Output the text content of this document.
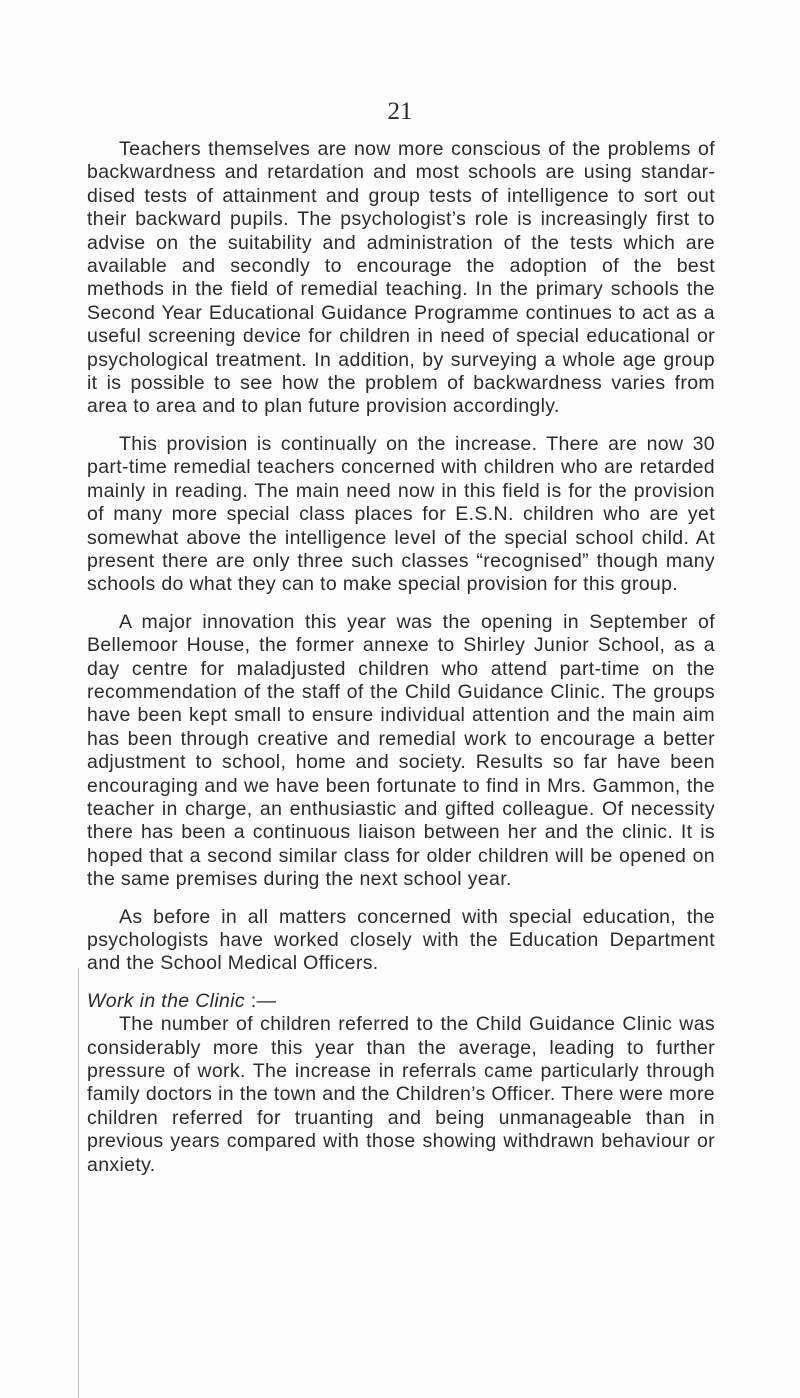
21

Teachers themselves are now more conscious of the problems of backwardness and retardation and most schools are using standardised tests of attainment and group tests of intelligence to sort out their backward pupils. The psychologist’s role is increasingly first to advise on the suitability and administration of the tests which are available and secondly to encourage the adoption of the best methods in the field of remedial teaching. In the primary schools the Second Year Educational Guidance Programme continues to act as a useful screening device for children in need of special educational or psychological treatment. In addition, by surveying a whole age group it is possible to see how the problem of backwardness varies from area to area and to plan future provision accordingly.

This provision is continually on the increase. There are now 30 part-time remedial teachers concerned with children who are retarded mainly in reading. The main need now in this field is for the provision of many more special class places for E.S.N. children who are yet somewhat above the intelligence level of the special school child. At present there are only three such classes “recognised” though many schools do what they can to make special provision for this group.

A major innovation this year was the opening in September of Bellemoor House, the former annexe to Shirley Junior School, as a day centre for maladjusted children who attend part-time on the recommendation of the staff of the Child Guidance Clinic. The groups have been kept small to ensure individual attention and the main aim has been through creative and remedial work to encourage a better adjustment to school, home and society. Results so far have been encouraging and we have been fortunate to find in Mrs. Gammon, the teacher in charge, an enthusiastic and gifted colleague. Of necessity there has been a continuous liaison between her and the clinic. It is hoped that a second similar class for older children will be opened on the same premises during the next school year.

As before in all matters concerned with special education, the psychologists have worked closely with the Education Department and the School Medical Officers.

Work in the Clinic :—

The number of children referred to the Child Guidance Clinic was considerably more this year than the average, leading to further pressure of work. The increase in referrals came particularly through family doctors in the town and the Children’s Officer. There were more children referred for truanting and being unmanageable than in previous years compared with those showing withdrawn behaviour or anxiety.
